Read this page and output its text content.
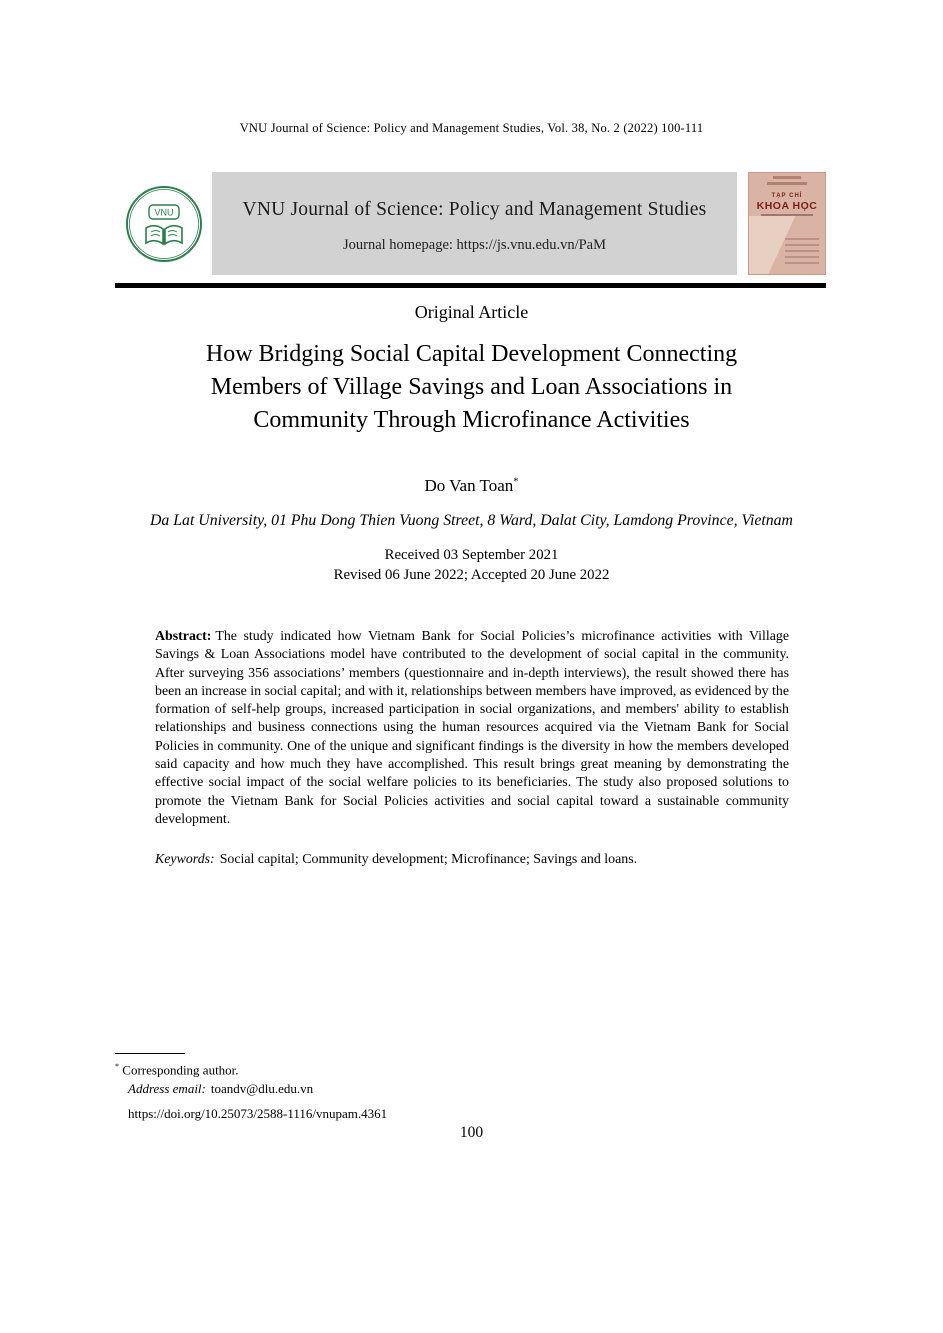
VNU Journal of Science: Policy and Management Studies, Vol. 38, No. 2 (2022) 100-111
VNU	VNU Journal of Science: Policy and Management Studies
Journal homepage: https://js.vnu.edu.vn/PaM
TẠP CHÍ
KHOA HỌC
Original Article
How Bridging Social Capital Development Connecting
Members of Village Savings and Loan Associations in
Community Through Microfinance Activities
Do Van Toan*
Da Lat University, 01 Phu Dong Thien Vuong Street, 8 Ward, Dalat City, Lamdong Province, Vietnam
Received 03 September 2021
Revised 06 June 2022; Accepted 20 June 2022

Abstract: The study indicated how Vietnam Bank for Social Policies’s microfinance activities with Village Savings & Loan Associations model have contributed to the development of social capital in the community. After surveying 356 associations’ members (questionnaire and in-depth interviews), the result showed there has been an increase in social capital; and with it, relationships between members have improved, as evidenced by the formation of self-help groups, increased participation in social organizations, and members' ability to establish relationships and business connections using the human resources acquired via the Vietnam Bank for Social Policies in community. One of the unique and significant findings is the diversity in how the members developed said capacity and how much they have accomplished. This result brings great meaning by demonstrating the effective social impact of the social welfare policies to its beneficiaries. The study also proposed solutions to promote the Vietnam Bank for Social Policies activities and social capital toward a sustainable community development.

Keywords: Social capital; Community development; Microfinance; Savings and loans.

* Corresponding author.
Address email: toandv@dlu.edu.vn
https://doi.org/10.25073/2588-1116/vnupam.4361
100
